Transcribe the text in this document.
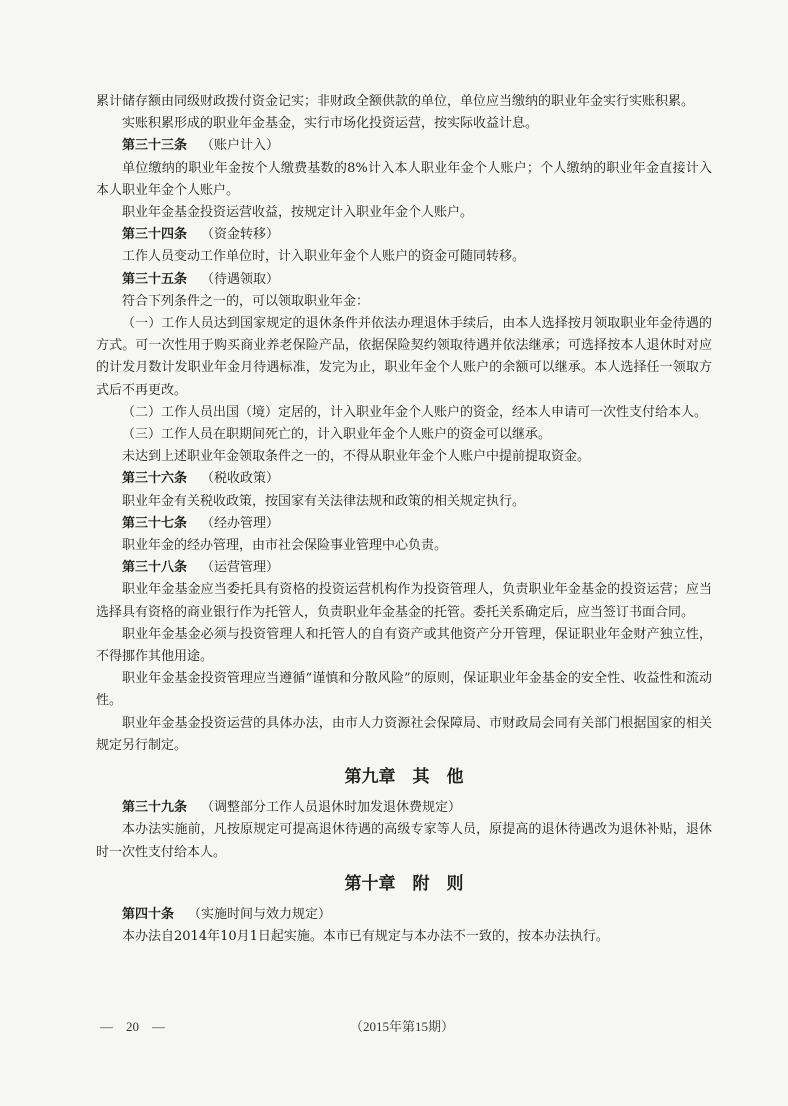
累计储存额由同级财政拨付资金记实；非财政全额供款的单位，单位应当缴纳的职业年金实行实账积累。

实账积累形成的职业年金基金，实行市场化投资运营，按实际收益计息。

第三十三条 （账户计入）

单位缴纳的职业年金按个人缴费基数的8%计入本人职业年金个人账户；个人缴纳的职业年金直接计入本人职业年金个人账户。

职业年金基金投资运营收益，按规定计入职业年金个人账户。

第三十四条 （资金转移）

工作人员变动工作单位时，计入职业年金个人账户的资金可随同转移。

第三十五条 （待遇领取）

符合下列条件之一的，可以领取职业年金：

（一）工作人员达到国家规定的退休条件并依法办理退休手续后，由本人选择按月领取职业年金待遇的方式。可一次性用于购买商业养老保险产品，依据保险契约领取待遇并依法继承；可选择按本人退休时对应的计发月数计发职业年金月待遇标准，发完为止，职业年金个人账户的余额可以继承。本人选择任一领取方式后不再更改。

（二）工作人员出国（境）定居的，计入职业年金个人账户的资金，经本人申请可一次性支付给本人。

（三）工作人员在职期间死亡的，计入职业年金个人账户的资金可以继承。

未达到上述职业年金领取条件之一的，不得从职业年金个人账户中提前提取资金。

第三十六条 （税收政策）

职业年金有关税收政策，按国家有关法律法规和政策的相关规定执行。

第三十七条 （经办管理）

职业年金的经办管理，由市社会保险事业管理中心负责。

第三十八条 （运营管理）

职业年金基金应当委托具有资格的投资运营机构作为投资管理人，负责职业年金基金的投资运营；应当选择具有资格的商业银行作为托管人，负责职业年金基金的托管。委托关系确定后，应当签订书面合同。

职业年金基金必须与投资管理人和托管人的自有资产或其他资产分开管理，保证职业年金财产独立性，不得挪作其他用途。

职业年金基金投资管理应当遵循“谨慎和分散风险”的原则，保证职业年金基金的安全性、收益性和流动性。

职业年金基金投资运营的具体办法，由市人力资源社会保障局、市财政局会同有关部门根据国家的相关规定另行制定。

第九章　其　他

第三十九条 （调整部分工作人员退休时加发退休费规定）

本办法实施前，凡按原规定可提高退休待遇的高级专家等人员，原提高的退休待遇改为退休补贴，退休时一次性支付给本人。

第十章　附　则

第四十条 （实施时间与效力规定）

本办法自2014年10月1日起实施。本市已有规定与本办法不一致的，按本办法执行。

—　20　—	（2015年第15期）
